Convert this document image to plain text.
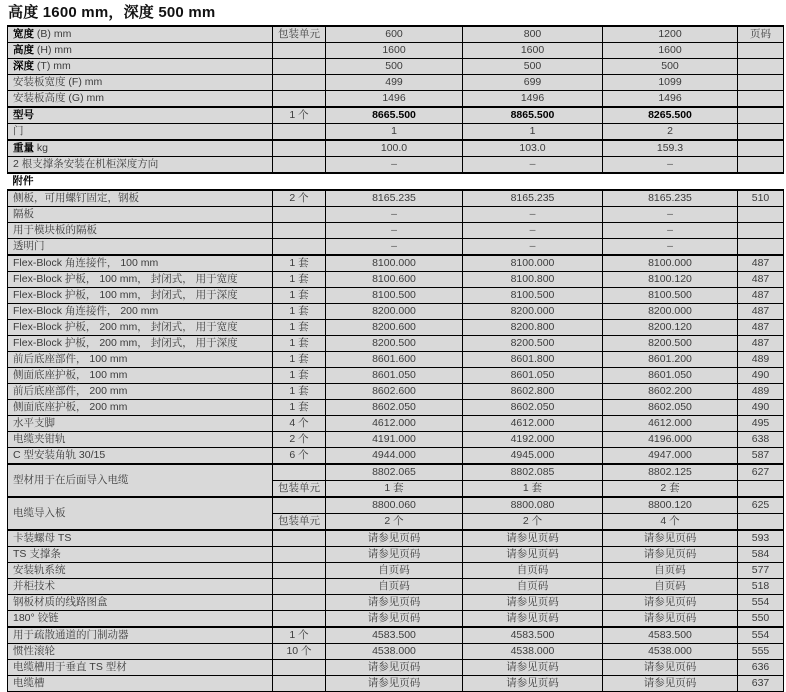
高度 1600 mm，深度 500 mm
宽度 (B) mm	包装单元	600	800	1200	页码
高度 (H) mm		1600	1600	1600	
深度 (T) mm		500	500	500	
安装板宽度 (F) mm		499	699	1099	
安装板高度 (G) mm		1496	1496	1496	
型号	1 个	8665.500	8865.500	8265.500	
门		1	1	2	
重量 kg		100.0	103.0	159.3	
2 根支撑条安装在机柜深度方向		–	–	–	
附件					
侧板，可用螺钉固定，钢板	2 个	8165.235	8165.235	8165.235	510
隔板		–	–	–	
用于模块板的隔板		–	–	–	
透明门		–	–	–	
Flex-Block 角连接件， 100 mm	1 套	8100.000	8100.000	8100.000	487
Flex-Block 护板， 100 mm， 封闭式， 用于宽度	1 套	8100.600	8100.800	8100.120	487
Flex-Block 护板， 100 mm， 封闭式， 用于深度	1 套	8100.500	8100.500	8100.500	487
Flex-Block 角连接件， 200 mm	1 套	8200.000	8200.000	8200.000	487
Flex-Block 护板， 200 mm， 封闭式， 用于宽度	1 套	8200.600	8200.800	8200.120	487
Flex-Block 护板， 200 mm， 封闭式， 用于深度	1 套	8200.500	8200.500	8200.500	487
前后底座部件， 100 mm	1 套	8601.600	8601.800	8601.200	489
侧面底座护板， 100 mm	1 套	8601.050	8601.050	8601.050	490
前后底座部件， 200 mm	1 套	8602.600	8602.800	8602.200	489
侧面底座护板， 200 mm	1 套	8602.050	8602.050	8602.050	490
水平支脚	4 个	4612.000	4612.000	4612.000	495
电缆夹钳轨	2 个	4191.000	4192.000	4196.000	638
C 型安装角轨 30/15	6 个	4944.000	4945.000	4947.000	587
型材用于在后面导入电缆		8802.065	8802.085	8802.125	627
	包装单元	1 套	1 套	2 套	
电缆导入板		8800.060	8800.080	8800.120	625
	包装单元	2 个	2 个	4 个	
卡装螺母 TS		请参见页码	请参见页码	请参见页码	593
TS 支撑条		请参见页码	请参见页码	请参见页码	584
安装轨系统		自页码	自页码	自页码	577
并柜技术		自页码	自页码	自页码	518
钢板材质的线路图盒		请参见页码	请参见页码	请参见页码	554
180° 铰链		请参见页码	请参见页码	请参见页码	550
用于疏散通道的门制动器	1 个	4583.500	4583.500	4583.500	554
惯性滚轮	10 个	4538.000	4538.000	4538.000	555
电缆槽用于垂直 TS 型材		请参见页码	请参见页码	请参见页码	636
电缆槽		请参见页码	请参见页码	请参见页码	637
